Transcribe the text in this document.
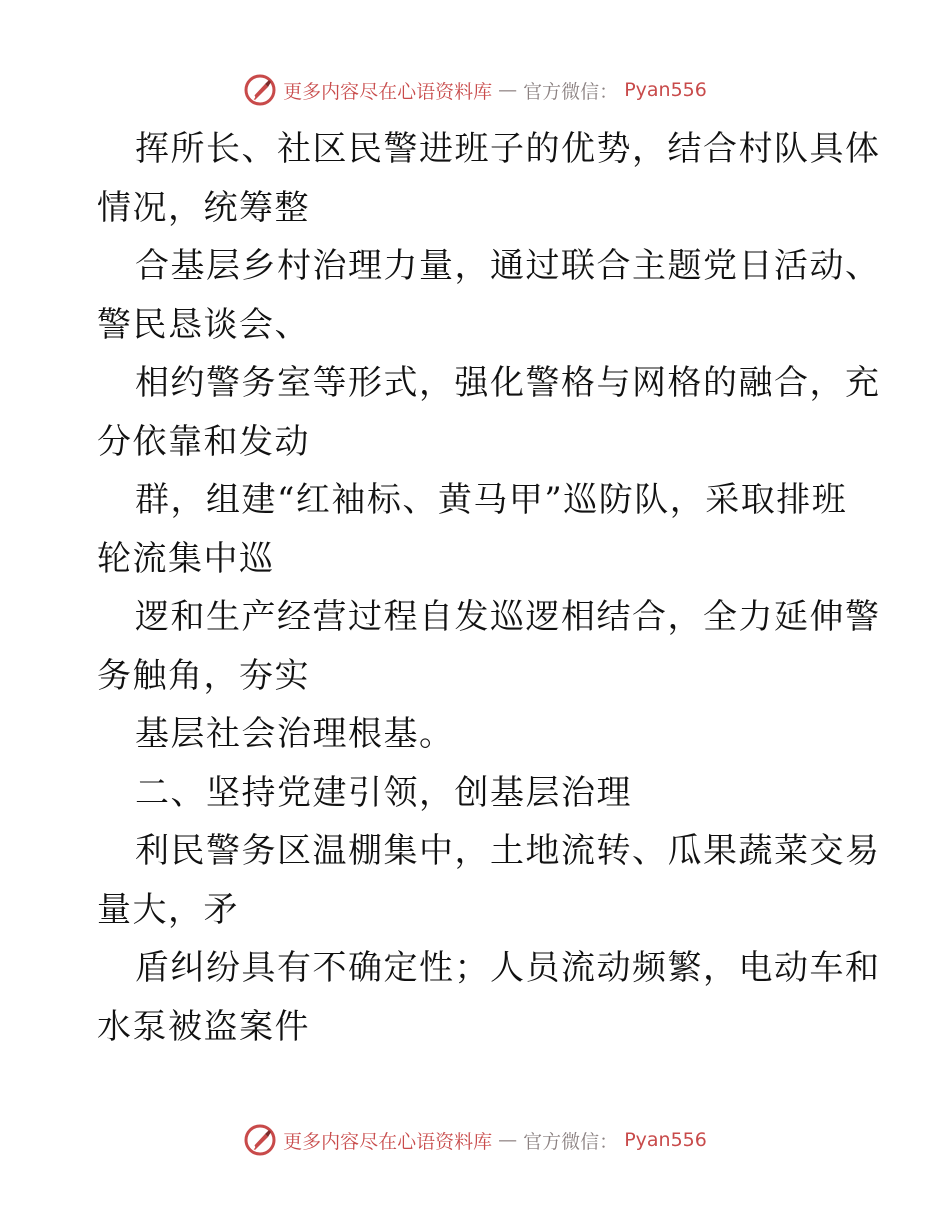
更多内容尽在心语资料库 — 官方微信： Pyan556
挥所长、社区民警进班子的优势，结合村队具体
情况，统筹整
合基层乡村治理力量，通过联合主题党日活动、
警民恳谈会、
相约警务室等形式，强化警格与网格的融合，充
分依靠和发动
群，组建“红袖标、黄马甲”巡防队，采取排班
轮流集中巡
逻和生产经营过程自发巡逻相结合，全力延伸警
务触角，夯实
基层社会治理根基。
二、坚持党建引领，创基层治理
利民警务区温棚集中，土地流转、瓜果蔬菜交易
量大，矛
盾纠纷具有不确定性；人员流动频繁，电动车和
水泵被盗案件
更多内容尽在心语资料库 — 官方微信： Pyan556
